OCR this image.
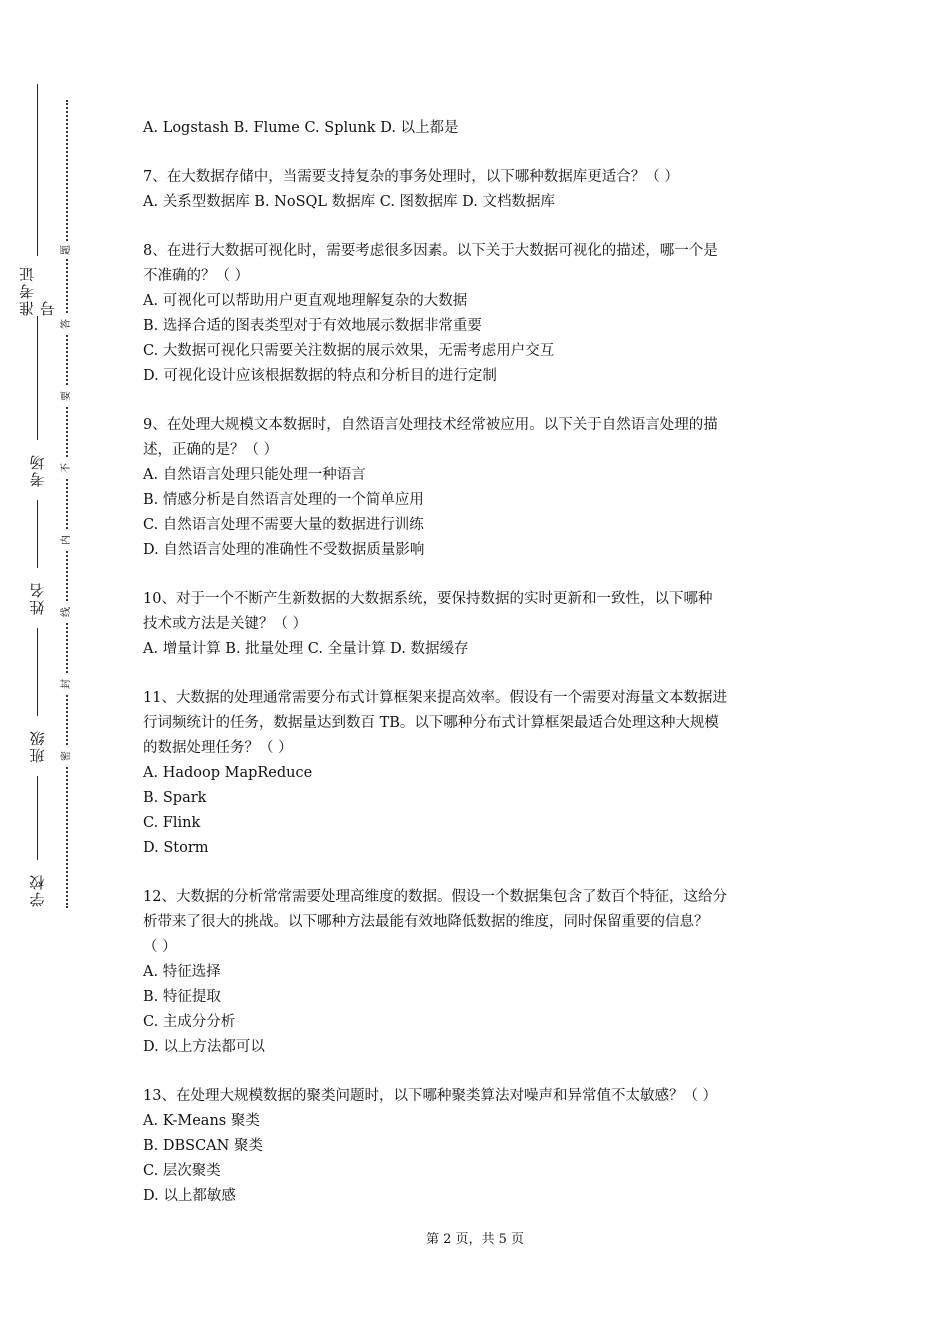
准考证号
考场
姓名
班级
学校
题
答
要
不
内
线
封
密

A. Logstash B. Flume C. Splunk D. 以上都是

7、在大数据存储中，当需要支持复杂的事务处理时，以下哪种数据库更适合？（ ）

A. 关系型数据库 B. NoSQL 数据库 C. 图数据库 D. 文档数据库

8、在进行大数据可视化时，需要考虑很多因素。以下关于大数据可视化的描述，哪一个是

不准确的？（ ）

A. 可视化可以帮助用户更直观地理解复杂的大数据

B. 选择合适的图表类型对于有效地展示数据非常重要

C. 大数据可视化只需要关注数据的展示效果，无需考虑用户交互

D. 可视化设计应该根据数据的特点和分析目的进行定制

9、在处理大规模文本数据时，自然语言处理技术经常被应用。以下关于自然语言处理的描

述，正确的是？（ ）

A. 自然语言处理只能处理一种语言

B. 情感分析是自然语言处理的一个简单应用

C. 自然语言处理不需要大量的数据进行训练

D. 自然语言处理的准确性不受数据质量影响

10、对于一个不断产生新数据的大数据系统，要保持数据的实时更新和一致性，以下哪种

技术或方法是关键？（ ）

A. 增量计算 B. 批量处理 C. 全量计算 D. 数据缓存

11、大数据的处理通常需要分布式计算框架来提高效率。假设有一个需要对海量文本数据进

行词频统计的任务，数据量达到数百 TB。以下哪种分布式计算框架最适合处理这种大规模

的数据处理任务？（ ）

A. Hadoop MapReduce

B. Spark

C. Flink

D. Storm

12、大数据的分析常常需要处理高维度的数据。假设一个数据集包含了数百个特征，这给分

析带来了很大的挑战。以下哪种方法最能有效地降低数据的维度，同时保留重要的信息？

（ ）

A. 特征选择

B. 特征提取

C. 主成分分析

D. 以上方法都可以

13、在处理大规模数据的聚类问题时，以下哪种聚类算法对噪声和异常值不太敏感？（ ）

A. K-Means 聚类

B. DBSCAN 聚类

C. 层次聚类

D. 以上都敏感

第 2 页，共 5 页
